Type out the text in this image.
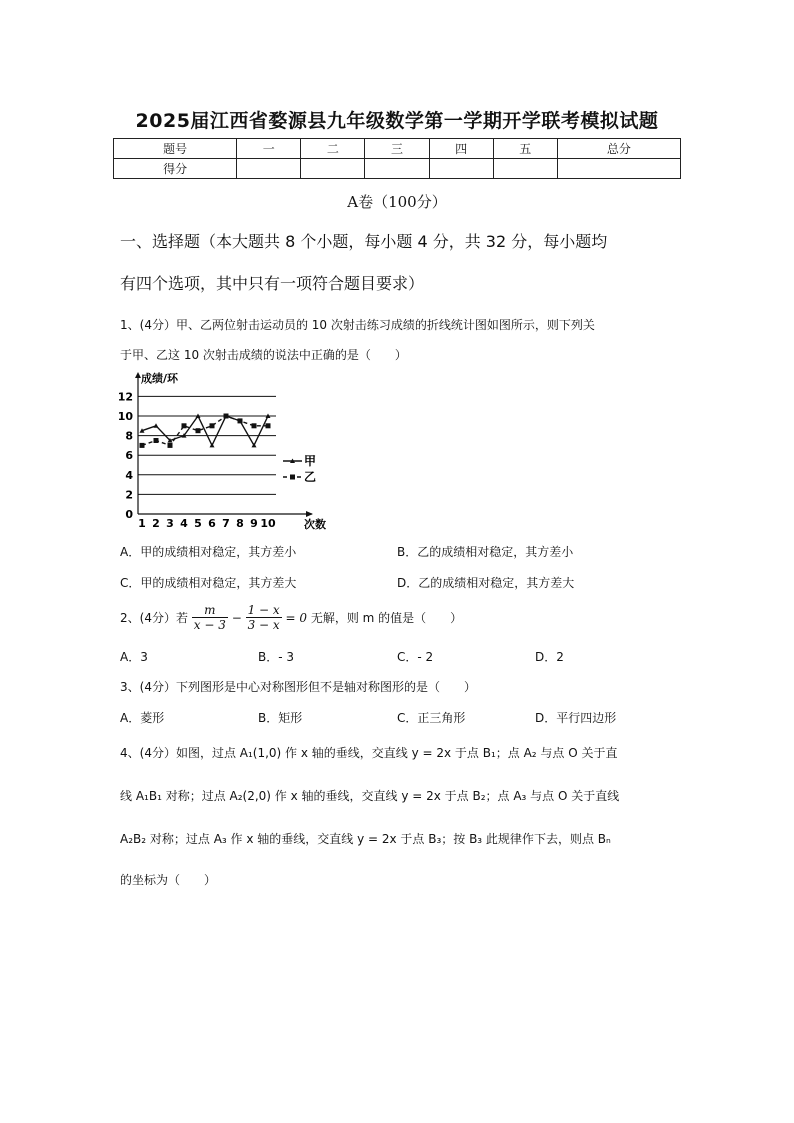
2025届江西省婺源县九年级数学第一学期开学联考模拟试题
题号	一	二	三	四	五	总分
得分						
A卷（100分）
一、选择题（本大题共 8 个小题，每小题 4 分，共 32 分，每小题均
有四个选项，其中只有一项符合题目要求）
1、(4分）甲、乙两位射击运动员的 10 次射击练习成绩的折线统计图如图所示，则下列关
于甲、乙这 10 次射击成绩的说法中正确的是（　　）
0
2
4
6
8
10
12
1 2 3 4 5 6 7 8 9 10
成绩/环
次数
甲
乙
A．甲的成绩相对稳定，其方差小	B．乙的成绩相对稳定，其方差小
C．甲的成绩相对稳定，其方差大	D．乙的成绩相对稳定，其方差大
2、(4分）若 $\frac{m}{x - 3} - \frac{1 - x}{3 - x} = 0$ 无解，则 m 的值是（　　）
A．3	B．- 3	C．- 2	D．2
3、(4分）下列图形是中心对称图形但不是轴对称图形的是（　　）
A．菱形	B．矩形	C．正三角形	D．平行四边形
4、(4分）如图，过点 A₁(1,0) 作 x 轴的垂线，交直线 y = 2x 于点 B₁；点 A₂ 与点 O 关于直
线 A₁B₁ 对称；过点 A₂(2,0) 作 x 轴的垂线，交直线 y = 2x 于点 B₂；点 A₃ 与点 O 关于直线
A₂B₂ 对称；过点 A₃ 作 x 轴的垂线，交直线 y = 2x 于点 B₃；按 B₃ 此规律作下去，则点 Bₙ
的坐标为（　　）
